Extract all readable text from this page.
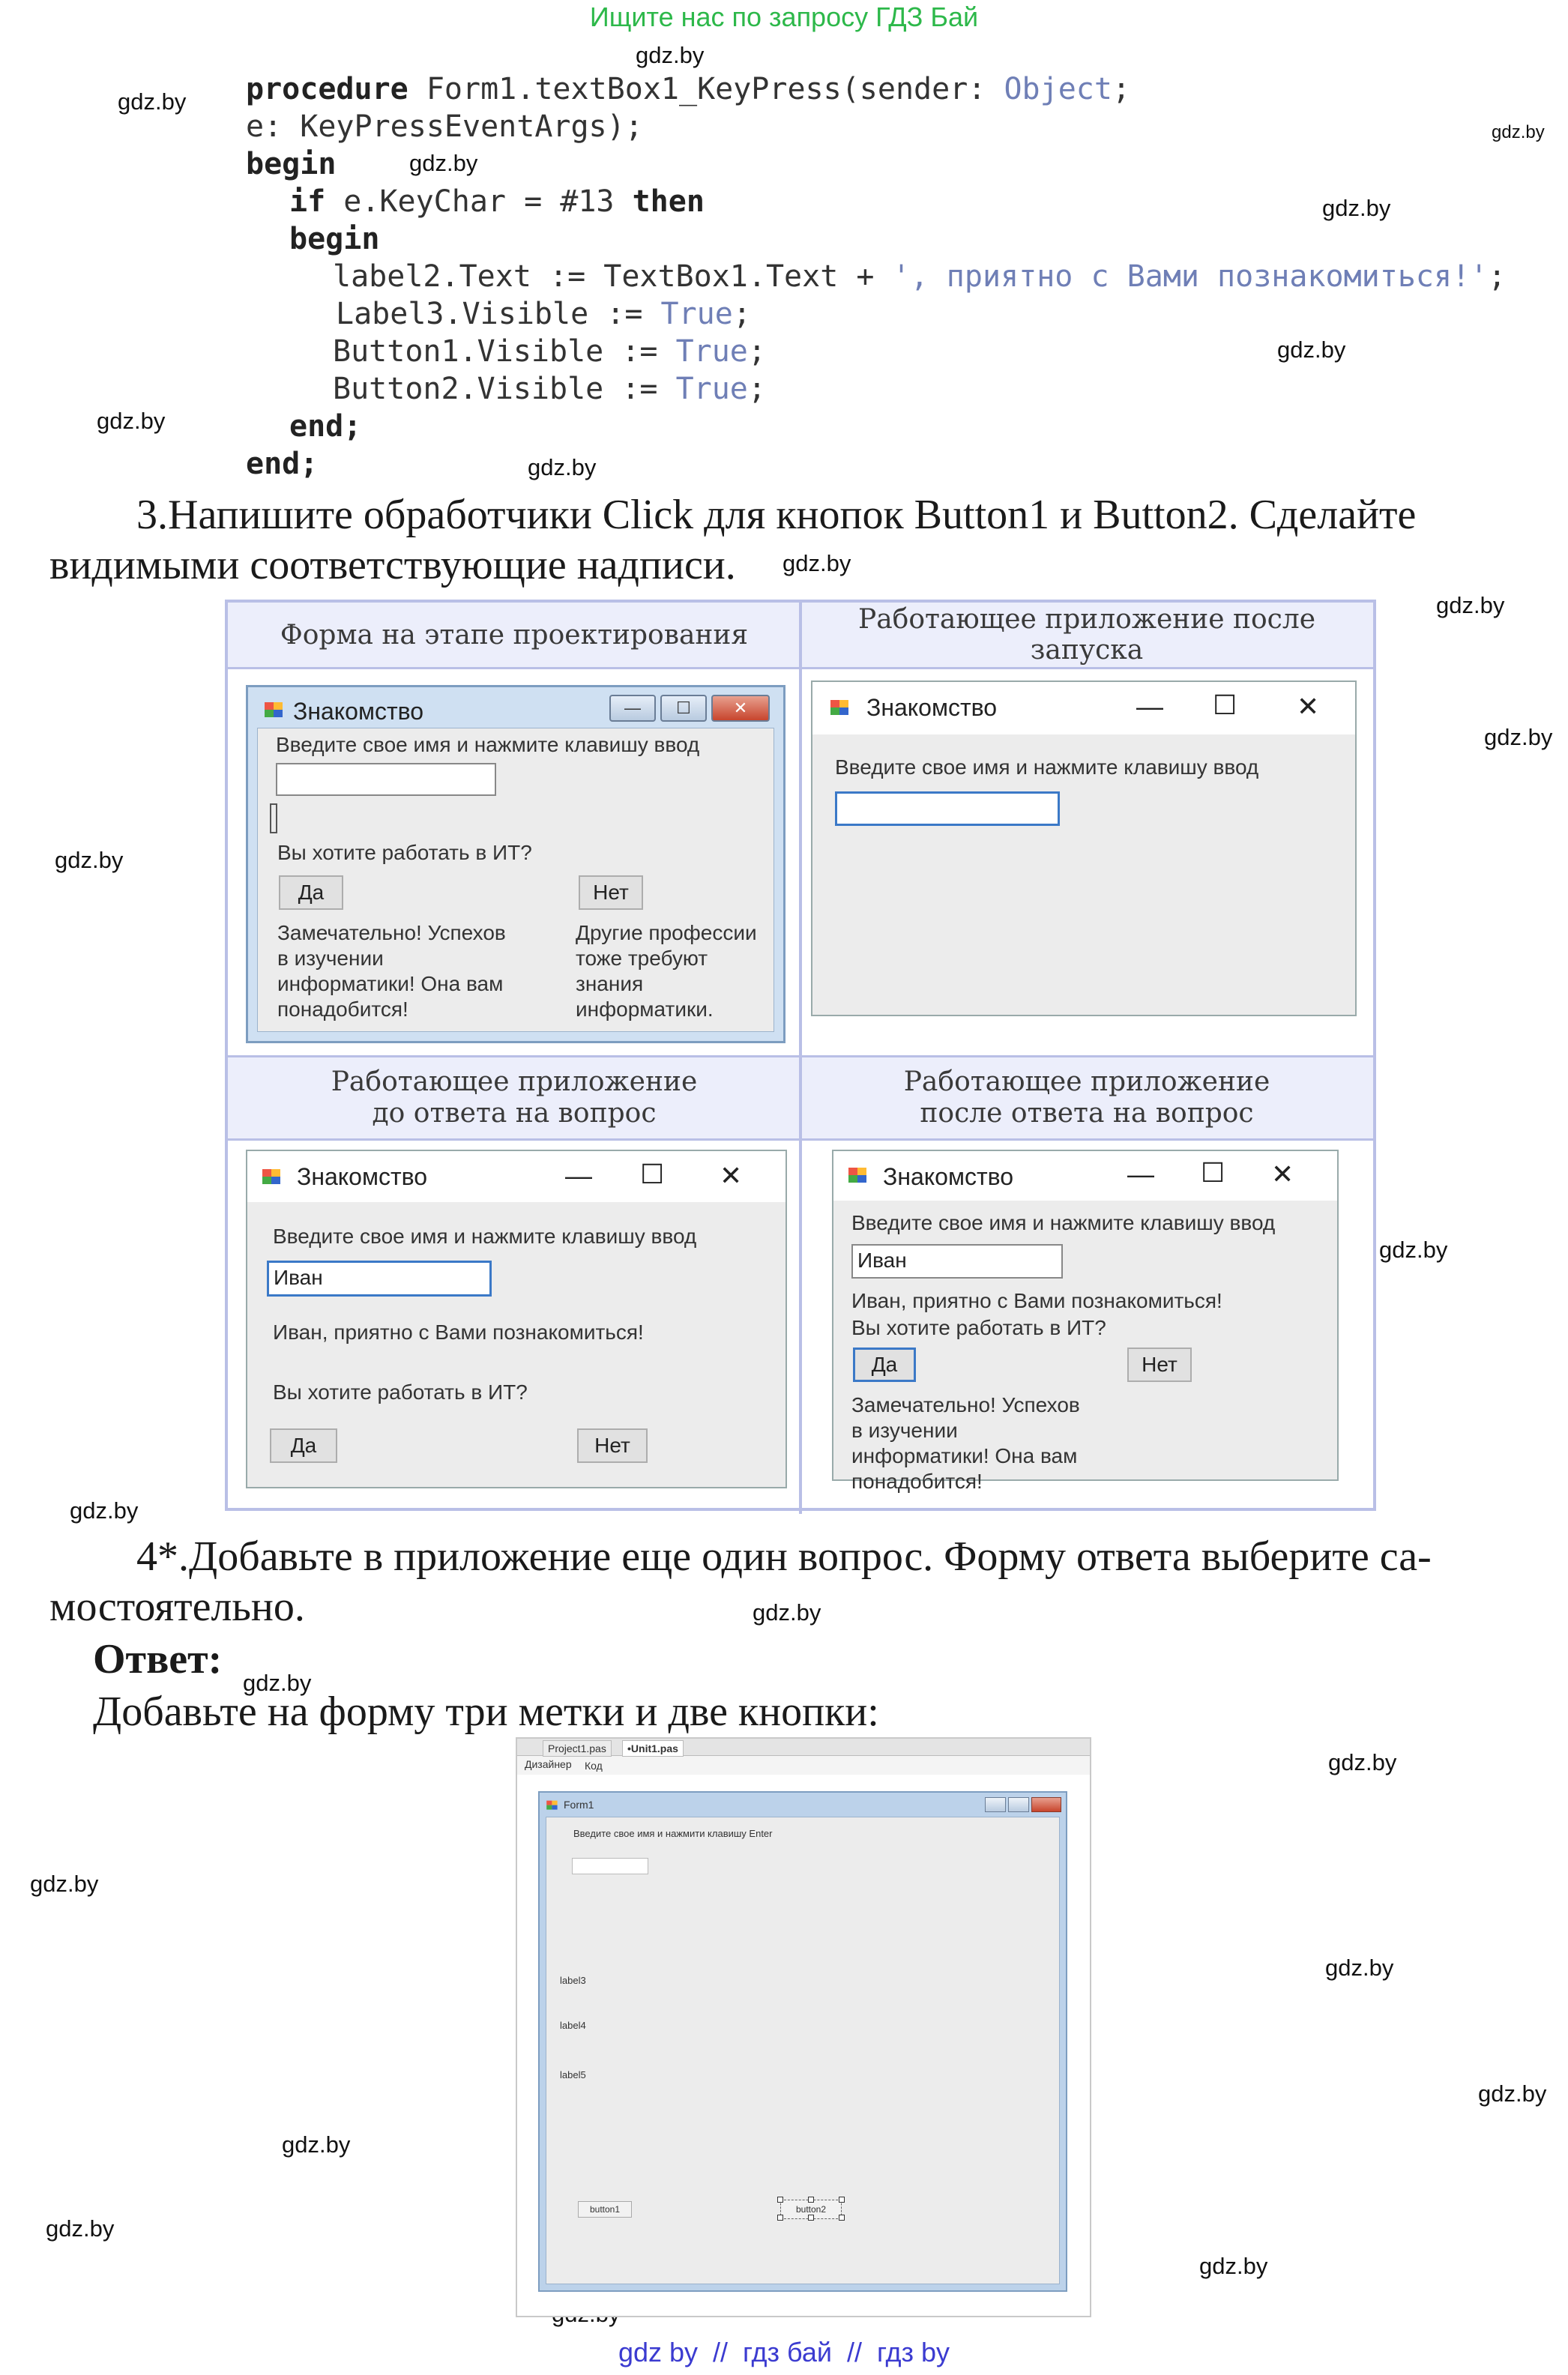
Ищите нас по запросу ГДЗ Бай
gdz.by
gdz.by
gdz.by
gdz.by
gdz.by
gdz.by
gdz.by
gdz.by
gdz.by
gdz.by
gdz.by
gdz.by
gdz.by
gdz.by
gdz.by
gdz.by
gdz.by
gdz.by
gdz.by
gdz.by
gdz.by
gdz.by
gdz.by
procedure Form1.textBox1_KeyPress(sender: Object;
e: KeyPressEventArgs);
begin
if e.KeyChar = #13 then
begin
label2.Text := TextBox1.Text + ', приятно с Вами познакомиться!';
Label3.Visible := True;
Button1.Visible := True;
Button2.Visible := True;
end;
end;
3.Напишите обработчики Click для кнопок Button1 и Button2. Сделайте
видимыми соответствующие надписи.
Форма на этапе проектирования	Работающее приложение после запуска
Работающее приложение
до ответа на вопрос
Работающее приложение
после ответа на вопрос
Знакомство	—	☐	✕
Введите свое имя и нажмите клавишу ввод
Вы хотите работать в ИТ?
Да	Нет
Замечательно! Успехов
в изучении
информатики! Она вам
понадобится!
Другие профессии
тоже требуют
знания
информатики.
Знакомство	— ☐ ✕
Введите свое имя и нажмите клавишу ввод
Знакомство	— ☐ ✕
Введите свое имя и нажмите клавишу ввод
Иван
Иван, приятно с Вами познакомиться!
Вы хотите работать в ИТ?
Да	Нет
Знакомство	— ☐ ✕
Введите свое имя и нажмите клавишу ввод
Иван
Иван, приятно с Вами познакомиться!
Вы хотите работать в ИТ?
Да	Нет
Замечательно! Успехов
в изучении
информатики! Она вам
понадобится!
4*.Добавьте в приложение еще один вопрос. Форму ответа выберите са-
мостоятельно.
Ответ:
Добавьте на форму три метки и две кнопки:
Project1.pas	•Unit1.pas
Дизайнер Код
Form1
Введите свое имя и нажмити клавишу Enter
label3
label4
label5
button1	button2
gdz by  //  гдз бай  //  гдз by
